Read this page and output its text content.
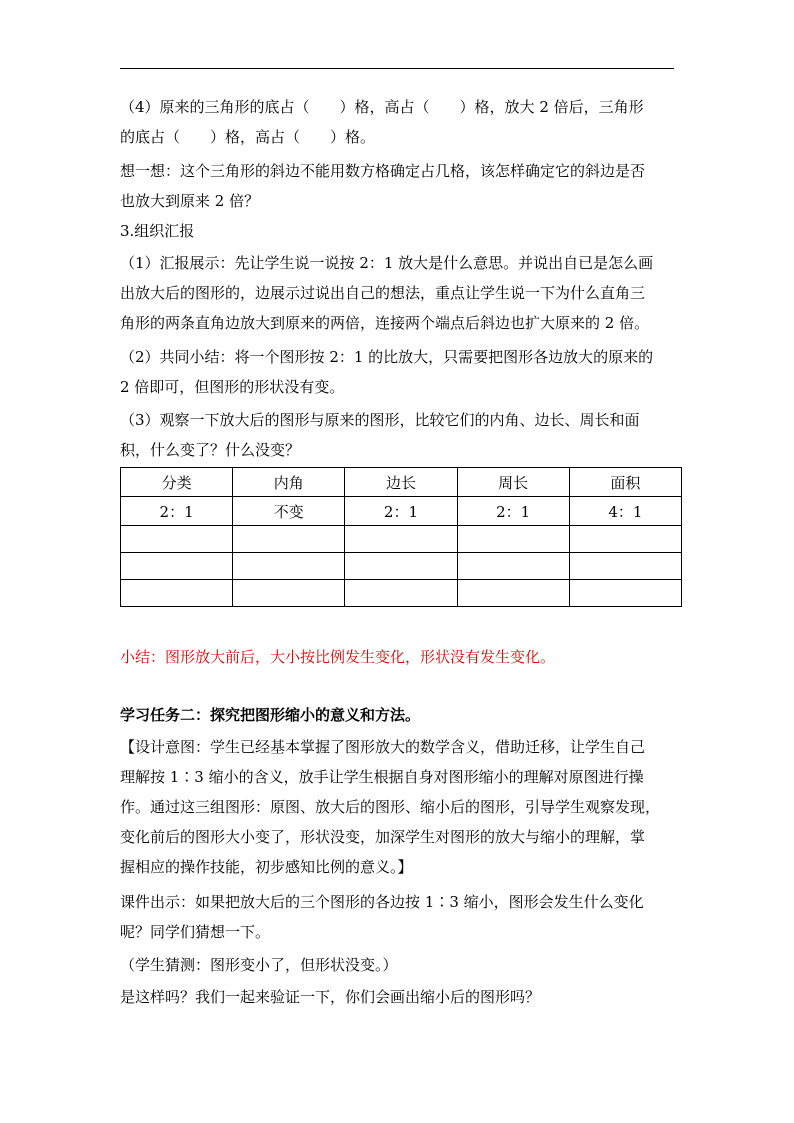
（4）原来的三角形的底占（　　）格，高占（　　）格，放大 2 倍后，三角形
的底占（　　）格，高占（　　）格。
想一想：这个三角形的斜边不能用数方格确定占几格，该怎样确定它的斜边是否
也放大到原来 2 倍？
3.组织汇报
（1）汇报展示：先让学生说一说按 2：1 放大是什么意思。并说出自已是怎么画
出放大后的图形的，边展示过说出自己的想法，重点让学生说一下为什么直角三
角形的两条直角边放大到原来的两倍，连接两个端点后斜边也扩大原来的 2 倍。
（2）共同小结：将一个图形按 2：1 的比放大，只需要把图形各边放大的原来的
2 倍即可，但图形的形状没有变。
（3）观察一下放大后的图形与原来的图形，比较它们的内角、边长、周长和面
积，什么变了？什么没变？
分类	内角	边长	周长	面积
2：1	不变	2：1	2：1	4：1

小结：图形放大前后，大小按比例发生变化，形状没有发生变化。
学习任务二：探究把图形缩小的意义和方法。
【设计意图：学生已经基本掌握了图形放大的数学含义，借助迁移，让学生自己
理解按 1∶3 缩小的含义，放手让学生根据自身对图形缩小的理解对原图进行操
作。通过这三组图形：原图、放大后的图形、缩小后的图形，引导学生观察发现，
变化前后的图形大小变了，形状没变，加深学生对图形的放大与缩小的理解，掌
握相应的操作技能，初步感知比例的意义。】
课件出示：如果把放大后的三个图形的各边按 1∶3 缩小，图形会发生什么变化
呢？同学们猜想一下。
（学生猜测：图形变小了，但形状没变。）
是这样吗？我们一起来验证一下，你们会画出缩小后的图形吗？
